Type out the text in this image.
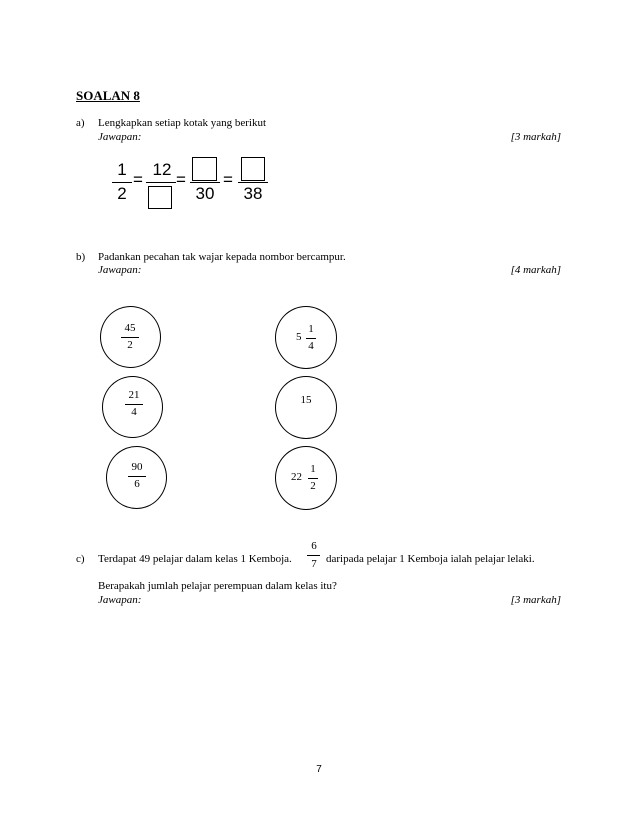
SOALAN 8
a) Lengkapkan setiap kotak yang berikut
Jawapan:	[3 markah]
1
2
=
12
=
30
=
38
b) Padankan pecahan tak wajar kepada nombor bercampur.
Jawapan:	[4 markah]
45
2
21
4
90
6
5
1
4
15
22
1
2
c) Terdapat 49 pelajar dalam kelas 1 Kemboja.
6
7 daripada pelajar 1 Kemboja ialah pelajar lelaki.
Berapakah jumlah pelajar perempuan dalam kelas itu?
Jawapan:	[3 markah]
7
